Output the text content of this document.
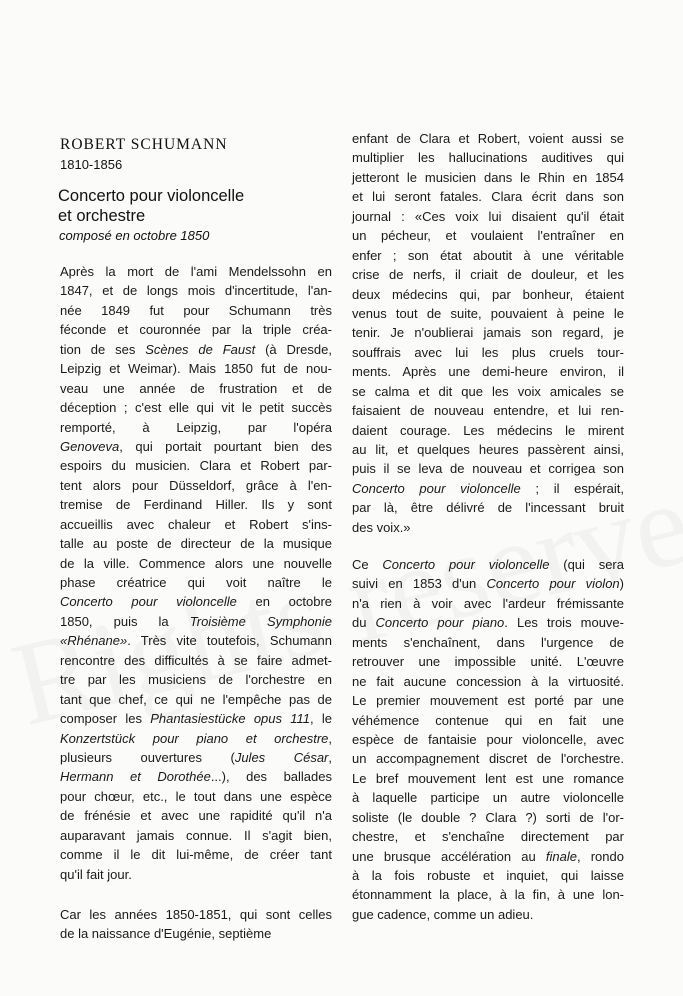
ROBERT SCHUMANN

1810-1856

Concerto pour violoncelle
et orchestre

composé en octobre 1850

Après la mort de l'ami Mendelssohn en
1847, et de longs mois d'incertitude, l'an-
née 1849 fut pour Schumann très
féconde et couronnée par la triple créa-
tion de ses Scènes de Faust (à Dresde,
Leipzig et Weimar). Mais 1850 fut de nou-
veau une année de frustration et de
déception ; c'est elle qui vit le petit succès
remporté, à Leipzig, par l'opéra
Genoveva, qui portait pourtant bien des
espoirs du musicien. Clara et Robert par-
tent alors pour Düsseldorf, grâce à l'en-
tremise de Ferdinand Hiller. Ils y sont
accueillis avec chaleur et Robert s'ins-
talle au poste de directeur de la musique
de la ville. Commence alors une nouvelle
phase créatrice qui voit naître le
Concerto pour violoncelle en octobre
1850, puis la Troisième Symphonie
«Rhénane». Très vite toutefois, Schumann
rencontre des difficultés à se faire admet-
tre par les musiciens de l'orchestre en
tant que chef, ce qui ne l'empêche pas de
composer les Phantasiestücke opus 111, le
Konzertstück pour piano et orchestre,
plusieurs ouvertures (Jules César,
Hermann et Dorothée...), des ballades
pour chœur, etc., le tout dans une espèce
de frénésie et avec une rapidité qu'il n'a
auparavant jamais connue. Il s'agit bien,
comme il le dit lui-même, de créer tant
qu'il fait jour.
Car les années 1850-1851, qui sont celles
de la naissance d'Eugénie, septième
enfant de Clara et Robert, voient aussi se
multiplier les hallucinations auditives qui
jetteront le musicien dans le Rhin en 1854
et lui seront fatales. Clara écrit dans son
journal : «Ces voix lui disaient qu'il était
un pécheur, et voulaient l'entraîner en
enfer ; son état aboutit à une véritable
crise de nerfs, il criait de douleur, et les
deux médecins qui, par bonheur, étaient
venus tout de suite, pouvaient à peine le
tenir. Je n'oublierai jamais son regard, je
souffrais avec lui les plus cruels tour-
ments. Après une demi-heure environ, il
se calma et dit que les voix amicales se
faisaient de nouveau entendre, et lui ren-
daient courage. Les médecins le mirent
au lit, et quelques heures passèrent ainsi,
puis il se leva de nouveau et corrigea son
Concerto pour violoncelle ; il espérait,
par là, être délivré de l'incessant bruit
des voix.»
Ce Concerto pour violoncelle (qui sera
suivi en 1853 d'un Concerto pour violon)
n'a rien à voir avec l'ardeur frémissante
du Concerto pour piano. Les trois mouve-
ments s'enchaînent, dans l'urgence de
retrouver une impossible unité. L'œuvre
ne fait aucune concession à la virtuosité.
Le premier mouvement est porté par une
véhémence contenue qui en fait une
espèce de fantaisie pour violoncelle, avec
un accompagnement discret de l'orchestre.
Le bref mouvement lent est une romance
à laquelle participe un autre violoncelle
soliste (le double ? Clara ?) sorti de l'or-
chestre, et s'enchaîne directement par
une brusque accélération au finale, rondo
à la fois robuste et inquiet, qui laisse
étonnamment la place, à la fin, à une lon-
gue cadence, comme un adieu.
